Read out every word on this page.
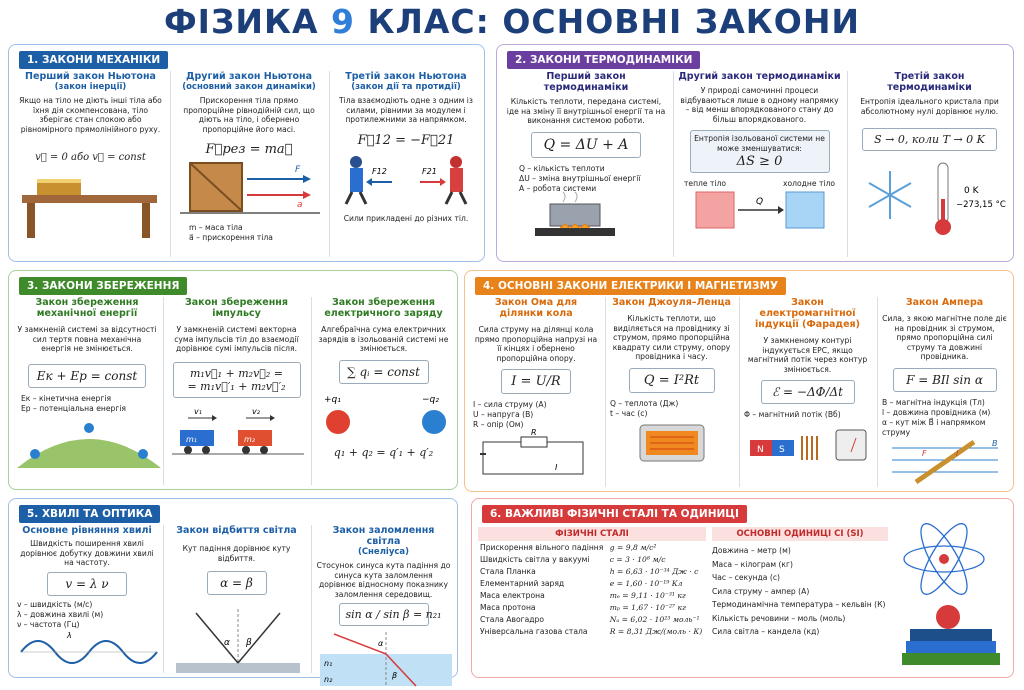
ФІЗИКА 9 КЛАС: ОСНОВНІ ЗАКОНИ
1. ЗАКОНИ МЕХАНІКИ
Перший закон Ньютона
(закон інерції)
Якщо на тіло не діють інші тіла або їхня дія скомпенсована, тіло зберігає стан спокою або рівномірного прямолінійного руху.
v⃗ = 0 або v⃗ = const
Другий закон Ньютона
(основний закон динаміки)
Прискорення тіла прямо пропорційне рівнодійній сил, що діють на тіло, і обернено пропорційне його масі.
F⃗рез = ma⃗
F
a
m – маса тіла
a⃗ – прискорення тіла
Третій закон Ньютона
(закон дії та протидії)
Тіла взаємодіють одне з одним із силами, рівними за модулем і протилежними за напрямком.
F⃗12 = −F⃗21
F12	F21
Сили прикладені до різних тіл.
2. ЗАКОНИ ТЕРМОДИНАМІКИ
Перший закон термодинаміки
Кількість теплоти, передана системі, іде на зміну її внутрішньої енергії та на виконання системою роботи.
Q = ΔU + A
Q – кількість теплоти
ΔU – зміна внутрішньої енергії
A – робота системи
Другий закон термодинаміки
У природі самочинні процеси відбуваються лише в одному напрямку – від менш впорядкованого стану до більш впорядкованого.
Ентропія ізольованої системи не може зменшуватися:
ΔS ≥ 0
тепле тіло	холодне тіло
Q
Третій закон термодинаміки
Ентропія ідеального кристала при абсолютному нулі дорівнює нулю.
S → 0, коли T → 0 K
0 K
−273,15 °C
3. ЗАКОНИ ЗБЕРЕЖЕННЯ
Закон збереження механічної енергії
У замкненій системі за відсутності сил тертя повна механічна енергія не змінюється.
Eк + Eр = const
Eк – кінетична енергія
Eр – потенціальна енергія
Закон збереження імпульсу
У замкненій системі векторна сума імпульсів тіл до взаємодії дорівнює сумі імпульсів після.
m₁v⃗₁ + m₂v⃗₂ =
= m₁v⃗′₁ + m₂v⃗′₂
m₁	m₂
v₁	v₂
Закон збереження електричного заряду
Алгебраїчна сума електричних зарядів в ізольованій системі не змінюється.
∑ qᵢ = const
+q₁	−q₂
q₁ + q₂ = q′₁ + q′₂
4. ОСНОВНІ ЗАКОНИ ЕЛЕКТРИКИ І МАГНЕТИЗМУ
Закон Ома для ділянки кола
Сила струму на ділянці кола прямо пропорційна напрузі на її кінцях і обернено пропорційна опору.
I = U/R
I – сила струму (А)
U – напруга (В)
R – опір (Ом)
R
I
Закон Джоуля–Ленца
Кількість теплоти, що виділяється на провіднику зі струмом, прямо пропорційна квадрату сили струму, опору провідника і часу.
Q = I²Rt
Q – теплота (Дж)
t – час (с)
Закон електромагнітної індукції (Фарадея)
У замкненому контурі індукується ЕРС, якщо магнітний потік через контур змінюється.
ℰ = −ΔΦ/Δt
Φ – магнітний потік (Вб)
N S
Закон Ампера
Сила, з якою магнітне поле діє на провідник зі струмом, прямо пропорційна силі струму та довжині провідника.
F = BIl sin α
B – магнітна індукція (Тл)
l – довжина провідника (м)
α – кут між B⃗ і напрямком струму
B
F	I
5. ХВИЛІ ТА ОПТИКА
Основне рівняння хвилі
Швидкість поширення хвилі дорівнює добутку довжини хвилі на частоту.
v = λ ν
v – швидкість (м/с)
λ – довжина хвилі (м)
ν – частота (Гц)
λ
Закон відбиття світла
Кут падіння дорівнює куту відбиття.
α = β
α β
Закон заломлення світла
(Снеліуса)
Стосунок синуса кута падіння до синуса кута заломлення дорівнює відносному показнику заломлення середовищ.
sin α / sin β = n₂₁
n₁
n₂
α
β
6. ВАЖЛИВІ ФІЗИЧНІ СТАЛІ ТА ОДИНИЦІ
ФІЗИЧНІ СТАЛІ
Прискорення вільного падіння	g = 9,8 м/с²
Швидкість світла у вакуумі	c = 3 · 10⁸ м/с
Стала Планка	h = 6,63 · 10⁻³⁴ Дж · с
Елементарний заряд	e = 1,60 · 10⁻¹⁹ Кл
Маса електрона	mₑ = 9,11 · 10⁻³¹ кг
Маса протона	mₚ = 1,67 · 10⁻²⁷ кг
Стала Авогадро	Nₐ = 6,02 · 10²³ моль⁻¹
Універсальна газова стала	R = 8,31 Дж/(моль · К)
ОСНОВНІ ОДИНИЦІ СІ (SI)
Довжина – метр (м)
Маса – кілограм (кг)
Час – секунда (с)
Сила струму – ампер (А)
Термодинамічна температура – кельвін (К)
Кількість речовини – моль (моль)
Сила світла – кандела (кд)
